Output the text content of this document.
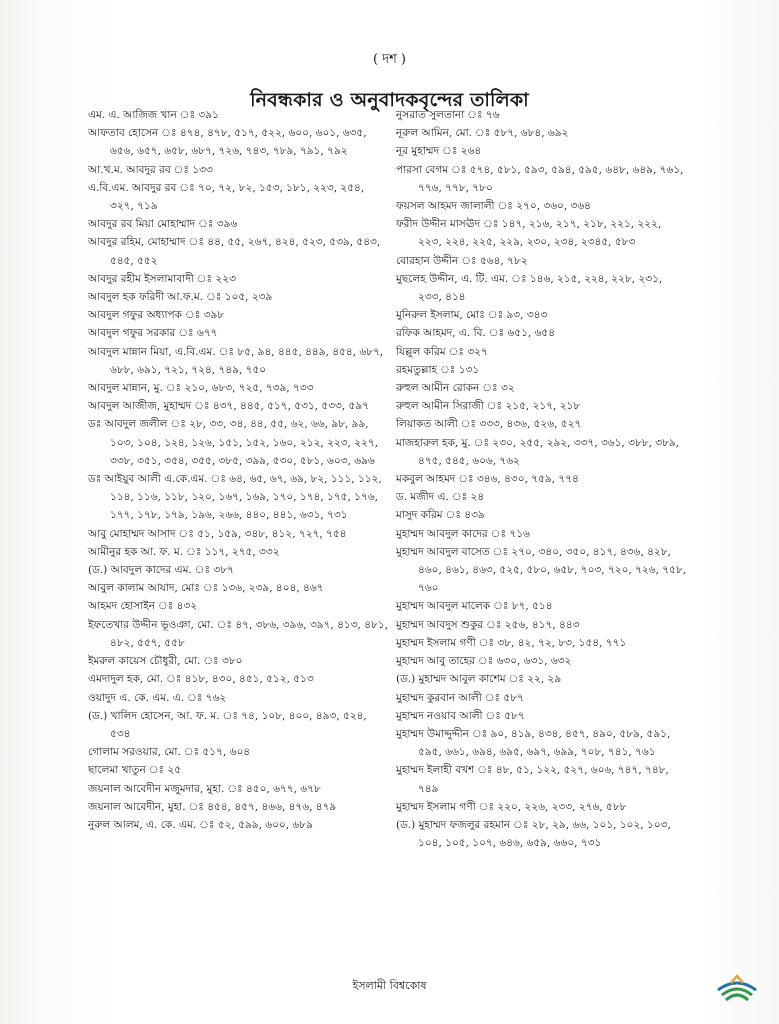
( দশ )
নিবন্ধকার ও অনুবাদকবৃন্দের তালিকা
এম. এ. আজিজ খান ঃ ৩৯১
আফতাব হোসেন ঃ ৪৭৪, ৪৭৮, ৫১৭, ৫২২, ৬০০, ৬০১, ৬৩৫, ৬৫৬, ৬৫৭, ৬৫৮, ৬৮৭, ৭২৬, ৭৪৩, ৭৮৯, ৭৯১, ৭৯২
আ.খ.ম. আবদুর রব ঃ ১৩৩
এ.বি.এম. আবদুর রব ঃ ৭০, ৭২, ৮২, ১৫৩, ১৮১, ২২৩, ২৫৪, ৩২৭, ৭১৯
আবদুর রব মিয়া মোহাম্মাদ ঃ ৩৯৬
আবদুর রহিম, মোহাম্মাদ ঃ ৪৪, ৫৫, ২৬৭, ৪২৪, ৫২৩, ৫৩৯, ৫৪৩, ৫৪৫, ৫৫২
আবদুর রহীম ইসলামাবাদী ঃ ২২৩
আবদুল হক ফরিদী আ.ফ.ম. ঃ ১০৫, ২৩৯
আবদুল গফুর অধ্যাপক ঃ ৩৯৮
আবদুল গফুর সরকার ঃ ৬৭৭
আবদুল মান্নান মিয়া, এ.বি.এম. ঃ ৮৫, ৯৪, ৪৪৫, ৪৪৯, ৪৫৪, ৬৮৭, ৬৮৮, ৬৯১, ৭২১, ৭২৪, ৭৪৯, ৭৫০
আবদুল মান্নান, মু. ঃ ২১০, ৬৮৩, ৭২৫, ৭৩৯, ৭৩৩
আবদুল আজীজ, মুহাম্মদ ঃ ৪৩৭, ৪৪৫, ৫১৭, ৫৩১, ৫৩৩, ৫৯৭
ডঃ আবদুল জলীল ঃ ২৮, ৩৩, ৩৪, ৪৪, ৫৫, ৬২, ৬৬, ৯৮, ৯৯, ১০৩, ১০৪, ১২৪, ১২৬, ১৫১, ১৫২, ১৬০, ২১২, ২২৩, ২২৭, ৩৩৮, ৩৫১, ৩৫৪, ৩৫৫, ৩৮৫, ৩৯৯, ৫৩০, ৫৮১, ৬০৩, ৬৯৬
ডঃ আইয়ুব আলী এ.কে.এম. ঃ ৬৪, ৬৫, ৬৭, ৬৯, ৮২, ১১১, ১১২, ১১৪, ১১৬, ১১৮, ১২০, ১৬৭, ১৬৯, ১৭০, ১৭৪, ১৭৫, ১৭৬, ১৭৭, ১৭৮, ১৭৯, ১৯৬, ২৬৬, ৪৪০, ৪৪১, ৬৩১, ৭৩১
আবু মোহাম্মদ আসাদ ঃ ৫১, ১৫৯, ৩৪৮, ৪১২, ৭২৭, ৭৫৪
আমীনুর হক আ. ফ. ম. ঃ ১১৭, ২৭৫, ৩৩২
(ড.) আবদুল কাদের এম. ঃ ৩৮৭
আবুল কালাম আযাদ, মোঃ ঃ ১৩৬, ২৩৯, ৪০৪, ৪৬৭
আহমদ হোসাইন ঃ ৪৩২
ইফতেখার উদ্দীন ভূওঞা, মো. ঃ ৪৭, ৩৮৬, ৩৯৬, ৩৯৭, ৪১৩, ৪৮১, ৪৮২, ৫৫৭, ৫৫৮
ইমরুল কায়েস চৌধুরী, মো. ঃ ৩৮০
এমদাদুল হক, মো. ঃ ৪১৮, ৪৩০, ৪৫১, ৫১২, ৫১৩
ওয়াদুদ এ. কে. এম. এ. ঃ ৭৬২
(ড.) খালিদ হোসেন, আ. ফ. ম. ঃ ৭৪, ১০৮, ৪০০, ৪৯৩, ৫২৪, ৫৩৪
গোলাম সরওয়ার, মো. ঃ ৫১৭, ৬০৪
ছালেমা খাতুন ঃ ২৫
জয়নাল আবেদীন মজুমদার, মুহা. ঃ ৪৫০, ৬৭৭, ৬৭৮
জয়নাল আবেদীন, মুহা. ঃ ৪৫৪, ৪৫৭, ৪৬৬, ৪৭৬, ৪৭৯
নুরুল আলম, এ. কে. এম. ঃ ৫২, ৫৯৯, ৬০০, ৬৮৯
নুসরাত সুলতানা ঃ ৭৬
নূরুল আমিন, মো. ঃ ৫৮৭, ৬৮৪, ৬৯২
নূর মুহাম্মদ ঃ ২৬৪
পারসা বেগম ঃ ৫৭৪, ৫৮১, ৫৯৩, ৫৯৪, ৫৯৫, ৬৪৮, ৬৪৯, ৭৬১, ৭৭৬, ৭৭৮, ৭৮০
ফয়সল আহমদ জালালী ঃ ২৭০, ৩৬০, ৩৬৪
ফরীদ উদ্দীন মাসঊদ ঃ ১৪৭, ২১৬, ২১৭, ২১৮, ২২১, ২২২, ২২৩, ২২৪, ২২৫, ২২৯, ২৩০, ২৩৪, ২৩৪৫, ৫৮৩
বোরহান উদ্দীন ঃ ৫৬৪, ৭৮২
মুছলেহ উদ্দীন, এ. টি. এম. ঃ ১৪৬, ২১৫, ২২৪, ২২৮, ২৩১, ২৩৩, ৪১৪
মুনিরুল ইসলাম, মোঃ ঃ ৯৩, ৩৪৩
রফিক আহমদ, এ. বি. ঃ ৬৫১, ৬৫৪
যিল্লুল করিম ঃ ৩২৭
রহমতুল্লাহ ঃ ১৩১
রুহুল আমীন রোকন ঃ ৩২
রুহুল আমীন সিরাজী ঃ ২১৫, ২১৭, ২১৮
লিয়াকত আলী ঃ ৩৩৩, ৪৩৬, ৫২৬, ৫২৭
মাজহারুল হক, মু. ঃ ২৩০, ২৫৫, ২৯২, ৩৩৭, ৩৬১, ৩৮৮, ৩৮৯, ৪৭৫, ৫৪৫, ৬০৬, ৭৬২
মকবুল আহমদ ঃ ৩৪৬, ৪৩০, ৭৫৯, ৭৭৪
ড. মজীদ এ. ঃ ২৪
মাসুদ করিম ঃ ৪৩৯
মুহাম্মদ আবদুল কাদের ঃ ৭১৬
মুহাম্মদ আবদুল বাসেত ঃ ২৭০, ৩৪০, ৩৫০, ৪১৭, ৪৩৬, ৪২৮, ৪৬০, ৪৬১, ৪৬৩, ৫২৫, ৫৮০, ৬৫৮, ৭০৩, ৭২০, ৭২৬, ৭৫৮, ৭৬০
মুহাম্মদ আবদুল মালেক ঃ ৮৭, ৫১৪
মুহাম্মদ আবদুস শুকুর ঃ ২৫৬, ৪১৭, ৪৪৩
মুহাম্মদ ইসলাম গণী ঃ ৩৮, ৪২, ৭২, ৮৩, ১৫৪, ৭৭১
মুহাম্মদ আবু তাহের ঃ ৬৩০, ৬৩১, ৬৩২
(ড.) মুহাম্মদ আবুল কাশেম ঃ ২২, ২৯
মুহাম্মদ কুরবান আলী ঃ ৫৮৭
মুহাম্মদ নওয়াব আলী ঃ ৫৮৭
মুহাম্মদ উমাদ্দুদ্দীন ঃ ৯০, ৪১৯, ৪৩৪, ৪৫৭, ৪৯০, ৫৮৯, ৫৯১, ৫৯৫, ৬৬১, ৬৯৪, ৬৯৫, ৬৯৭, ৬৯৯, ৭০৮, ৭৪১, ৭৬১
মুহাম্মদ ইলাহী বখশ ঃ ৪৮, ৫১, ১২২, ৫২৭, ৬০৬, ৭৪৭, ৭৪৮, ৭৪৯
মুহাম্মদ ইসলাম গণী ঃ ২২০, ২২৬, ২৩৩, ২৭৬, ৫৮৮
(ড.) মুহাম্মদ ফজলুর রহমান ঃ ২৮, ২৯, ৬৬, ১০১, ১০২, ১০৩, ১০৪, ১০৫, ১০৭, ৬৪৬, ৬৫৯, ৬৬০, ৭৩১
ইসলামী বিশ্বকোষ
